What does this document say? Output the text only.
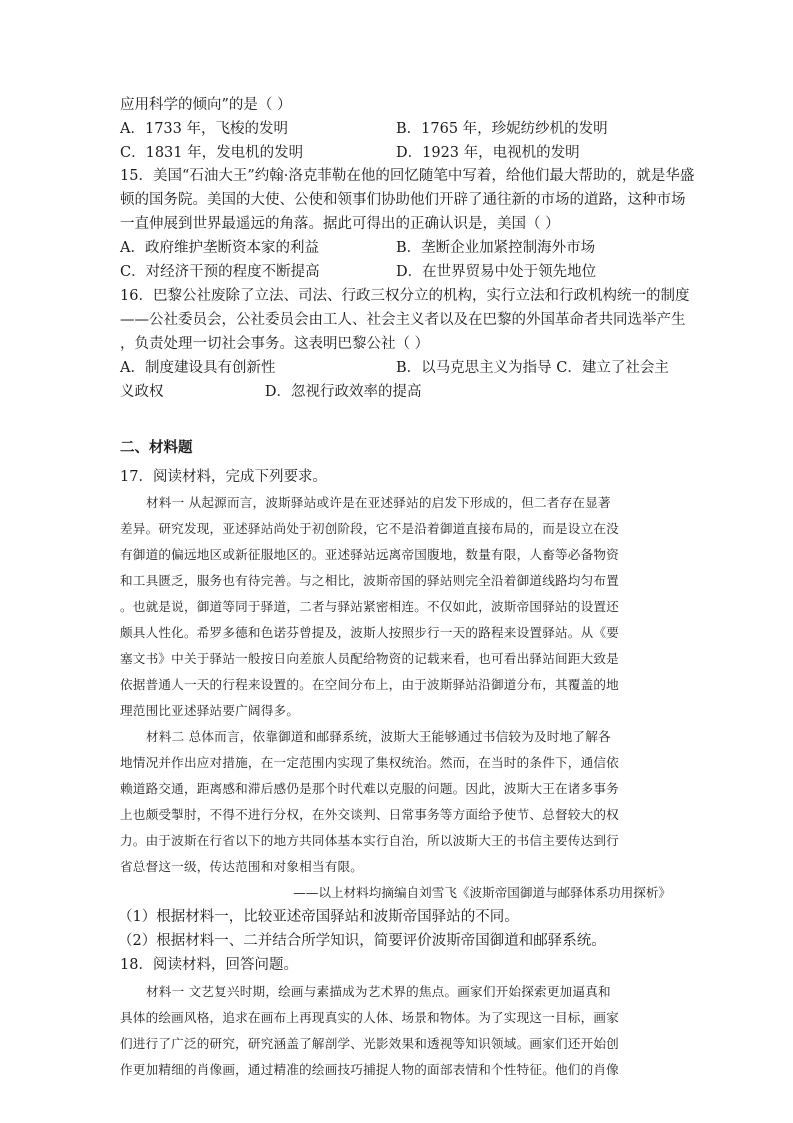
应用科学的倾向”的是（ ）
A．1733 年，飞梭的发明	B．1765 年，珍妮纺纱机的发明
C．1831 年，发电机的发明	D．1923 年，电视机的发明
15．美国“石油大王”约翰·洛克菲勒在他的回忆随笔中写着，给他们最大帮助的，就是华盛
顿的国务院。美国的大使、公使和领事们协助他们开辟了通往新的市场的道路，这种市场
一直伸展到世界最遥远的角落。据此可得出的正确认识是，美国（ ）
A．政府维护垄断资本家的利益	B．垄断企业加紧控制海外市场
C．对经济干预的程度不断提高	D．在世界贸易中处于领先地位
16．巴黎公社废除了立法、司法、行政三权分立的机构，实行立法和行政机构统一的制度
——公社委员会，公社委员会由工人、社会主义者以及在巴黎的外国革命者共同选举产生
，负责处理一切社会事务。这表明巴黎公社（ ）
A．制度建设具有创新性	B．以马克思主义为指导 C．建立了社会主
义政权                      D．忽视行政效率的提高
二、材料题
17．阅读材料，完成下列要求。
材料一 从起源而言，波斯驿站或许是在亚述驿站的启发下形成的，但二者存在显著
差异。研究发现，亚述驿站尚处于初创阶段，它不是沿着御道直接布局的，而是设立在没
有御道的偏远地区或新征服地区的。亚述驿站远离帝国腹地，数量有限，人畜等必备物资
和工具匮乏，服务也有待完善。与之相比，波斯帝国的驿站则完全沿着御道线路均匀布置
。也就是说，御道等同于驿道，二者与驿站紧密相连。不仅如此，波斯帝国驿站的设置还
颇具人性化。希罗多德和色诺芬曾提及，波斯人按照步行一天的路程来设置驿站。从《要
塞文书》中关于驿站一般按日向差旅人员配给物资的记载来看，也可看出驿站间距大致是
依据普通人一天的行程来设置的。在空间分布上，由于波斯驿站沿御道分布，其覆盖的地
理范围比亚述驿站要广阔得多。
材料二 总体而言，依靠御道和邮驿系统，波斯大王能够通过书信较为及时地了解各
地情况并作出应对措施，在一定范围内实现了集权统治。然而，在当时的条件下，通信依
赖道路交通，距离感和滞后感仍是那个时代难以克服的问题。因此，波斯大王在诸多事务
上也颇受掣肘，不得不进行分权，在外交谈判、日常事务等方面给予使节、总督较大的权
力。由于波斯在行省以下的地方共同体基本实行自治，所以波斯大王的书信主要传达到行
省总督这一级，传达范围和对象相当有限。
——以上材料均摘编自刘雪飞《波斯帝国御道与邮驿体系功用探析》
（1）根据材料一，比较亚述帝国驿站和波斯帝国驿站的不同。
（2）根据材料一、二并结合所学知识，简要评价波斯帝国御道和邮驿系统。
18．阅读材料，回答问题。
材料一 文艺复兴时期，绘画与素描成为艺术界的焦点。画家们开始探索更加逼真和
具体的绘画风格，追求在画布上再现真实的人体、场景和物体。为了实现这一目标，画家
们进行了广泛的研究，研究涵盖了解剖学、光影效果和透视等知识领域。画家们还开始创
作更加精细的肖像画，通过精准的绘画技巧捕捉人物的面部表情和个性特征。他们的肖像
